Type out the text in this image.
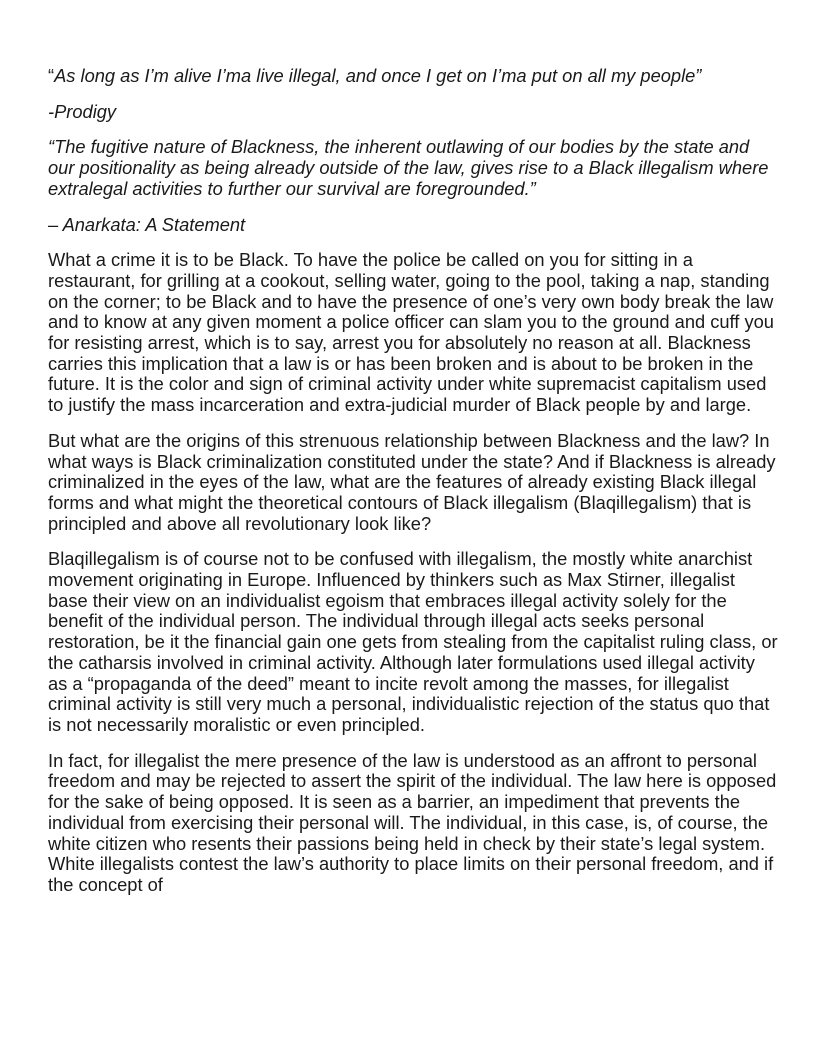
“As long as I’m alive I’ma live illegal, and once I get on I’ma put on all my people”

-Prodigy

“The fugitive nature of Blackness, the inherent outlawing of our bodies by the state and our positionality as being already outside of the law, gives rise to a Black illegalism where extralegal activities to further our survival are foregrounded.”

– Anarkata: A Statement

What a crime it is to be Black. To have the police be called on you for sitting in a restaurant, for grilling at a cookout, selling water, going to the pool, taking a nap, standing on the corner; to be Black and to have the presence of one’s very own body break the law and to know at any given moment a police officer can slam you to the ground and cuff you for resisting arrest, which is to say, arrest you for absolutely no reason at all. Blackness carries this implication that a law is or has been broken and is about to be broken in the future. It is the color and sign of criminal activity under white supremacist capitalism used to justify the mass incarceration and extra-judicial murder of Black people by and large.

But what are the origins of this strenuous relationship between Blackness and the law? In what ways is Black criminalization constituted under the state? And if Blackness is already criminalized in the eyes of the law, what are the features of already existing Black illegal forms and what might the theoretical contours of Black illegalism (Blaqillegalism) that is principled and above all revolutionary look like?

Blaqillegalism is of course not to be confused with illegalism, the mostly white anarchist movement originating in Europe. Influenced by thinkers such as Max Stirner, illegalist base their view on an individualist egoism that embraces illegal activity solely for the benefit of the individual person. The individual through illegal acts seeks personal restoration, be it the financial gain one gets from stealing from the capitalist ruling class, or the catharsis involved in criminal activity. Although later formulations used illegal activity as a “propaganda of the deed” meant to incite revolt among the masses, for illegalist criminal activity is still very much a personal, individualistic rejection of the status quo that is not necessarily moralistic or even principled.

In fact, for illegalist the mere presence of the law is understood as an affront to personal freedom and may be rejected to assert the spirit of the individual. The law here is opposed for the sake of being opposed. It is seen as a barrier, an impediment that prevents the individual from exercising their personal will. The individual, in this case, is, of course, the white citizen who resents their passions being held in check by their state’s legal system. White illegalists contest the law’s authority to place limits on their personal freedom, and if the concept of
